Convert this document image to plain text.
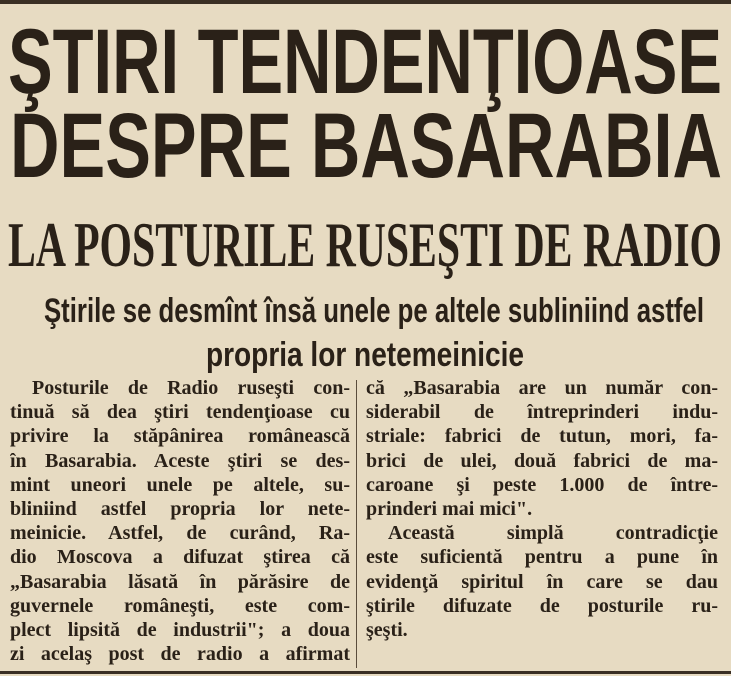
ŞTIRI TENDENŢIOASE
DESPRE BASARABIA
LA POSTURILE RUSEŞTI DE RADIO
Ştirile se desmînt însă unele pe altele subliniind astfel
propria lor netemeinicie
Posturile de Radio ruseşti con-
tinuă să dea ştiri tendenţioase cu
privire la stăpânirea românească
în Basarabia. Aceste ştiri se des-
mint uneori unele pe altele, su-
bliniind astfel propria lor nete-
meinicie. Astfel, de curând, Ra-
dio Moscova a difuzat ştirea că
„Basarabia lăsată în părăsire de
guvernele româneşti, este com-
plect lipsită de industrii"; a doua
zi acelaş post de radio a afirmat
că „Basarabia are un număr con-
siderabil de întreprinderi indu-
striale: fabrici de tutun, mori, fa-
brici de ulei, două fabrici de ma-
caroane şi peste 1.000 de între-
prinderi mai mici".
Această simplă contradicţie
este suficientă pentru a pune în
evidenţă spiritul în care se dau
ştirile difuzate de posturile ru-
şeşti.
